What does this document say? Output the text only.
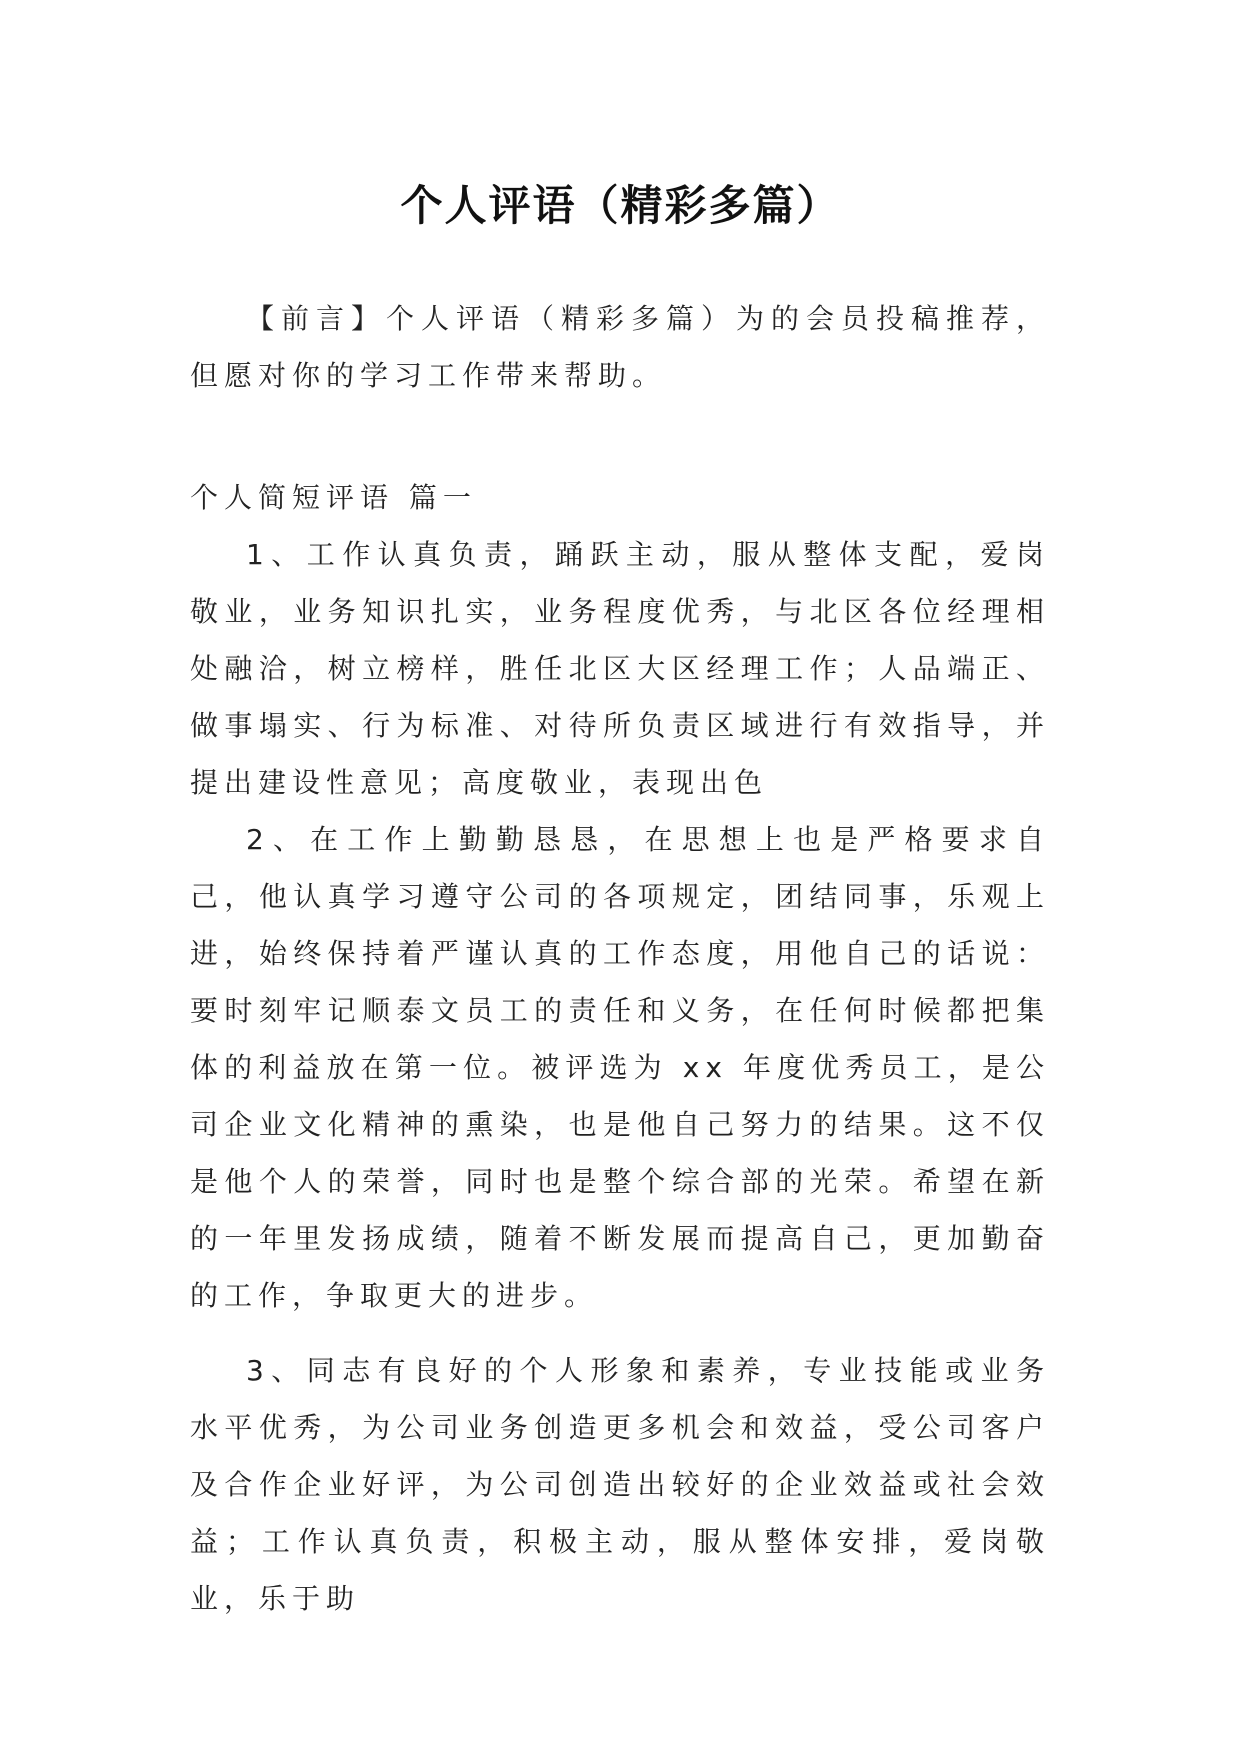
个人评语（精彩多篇）

【前言】个人评语（精彩多篇）为的会员投稿推荐，但愿对你的学习工作带来帮助。

个人简短评语 篇一

1、工作认真负责，踊跃主动，服从整体支配，爱岗敬业，业务知识扎实，业务程度优秀，与北区各位经理相处融洽，树立榜样，胜任北区大区经理工作；人品端正、做事塌实、行为标准、对待所负责区域进行有效指导，并提出建设性意见；高度敬业，表现出色

2、在工作上勤勤恳恳，在思想上也是严格要求自己，他认真学习遵守公司的各项规定，团结同事，乐观上进，始终保持着严谨认真的工作态度，用他自己的话说：要时刻牢记顺泰文员工的责任和义务，在任何时候都把集体的利益放在第一位。被评选为 xx 年度优秀员工，是公司企业文化精神的熏染，也是他自己努力的结果。这不仅是他个人的荣誉，同时也是整个综合部的光荣。希望在新的一年里发扬成绩，随着不断发展而提高自己，更加勤奋的工作，争取更大的进步。

3、同志有良好的个人形象和素养，专业技能或业务水平优秀，为公司业务创造更多机会和效益，受公司客户及合作企业好评，为公司创造出较好的企业效益或社会效益；工作认真负责，积极主动，服从整体安排，爱岗敬业，乐于助
